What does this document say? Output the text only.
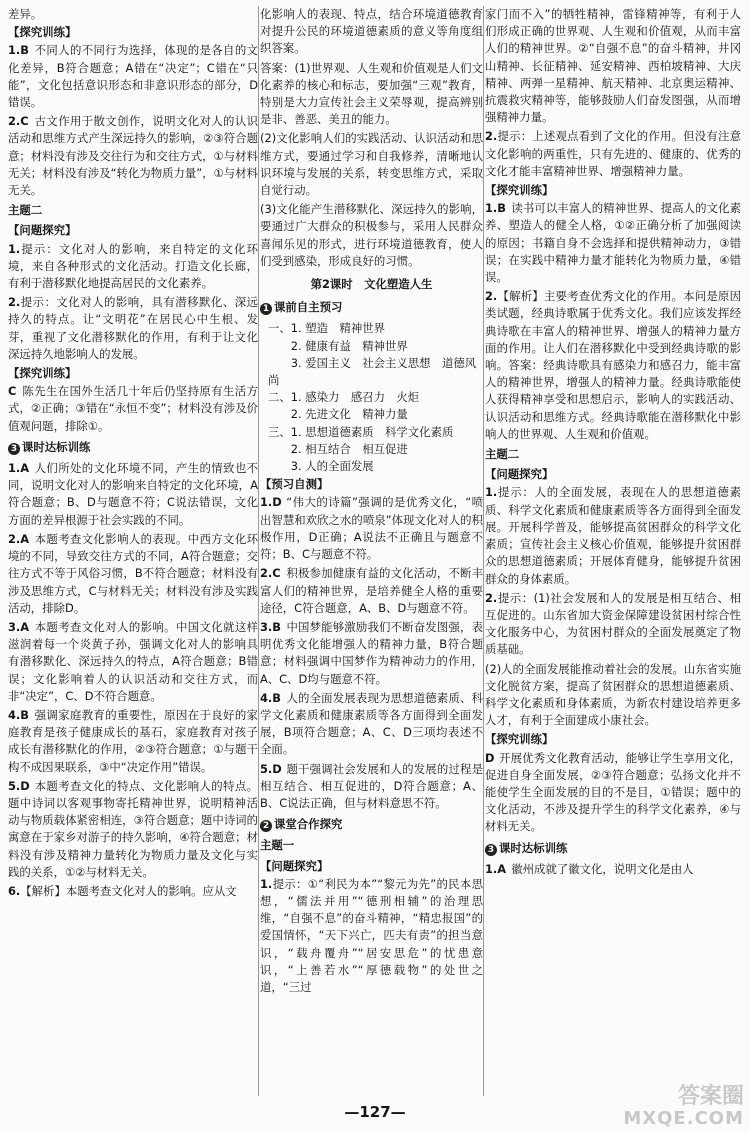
差异。
【探究训练】
1.B 不同人的不同行为选择，体现的是各自的文化差异，B符合题意；A错在“决定”；C错在“只能”，文化包括意识形态和非意识形态的部分，D错误。
2.C 古文作用于散文创作，说明文化对人的认识活动和思维方式产生深远持久的影响，②③符合题意；材料没有涉及交往行为和交往方式，①与材料无关；材料没有涉及“转化为物质力量”，①与材料无关。
主题二
【问题探究】
1.提示：文化对人的影响，来自特定的文化环境，来自各种形式的文化活动。打造文化长廊，有利于潜移默化地提高居民的文化素养。
2.提示：文化对人的影响，具有潜移默化、深远持久的特点。让“文明花”在居民心中生根、发芽，重视了文化潜移默化的作用，有利于让文化深远持久地影响人的发展。
【探究训练】
C 陈先生在国外生活几十年后仍坚持原有生活方式，②正确；③错在“永恒不变”；材料没有涉及价值观问题，排除①。
3 课时达标训练
1.A 人们所处的文化环境不同，产生的情致也不同，说明文化对人的影响来自特定的文化环境，A符合题意；B、D与题意不符；C说法错误，文化方面的差异根源于社会实践的不同。
2.A 本题考查文化影响人的表现。中西方文化环境的不同，导致交往方式的不同，A符合题意；交往方式不等于风俗习惯，B不符合题意；材料没有涉及思维方式，C与材料无关；材料没有涉及实践活动，排除D。
3.A 本题考查文化对人的影响。中国文化就这样滋润着每一个炎黄子孙，强调文化对人的影响具有潜移默化、深远持久的特点，A符合题意；B错误；文化影响着人的认识活动和交往方式，而非“决定”，C、D不符合题意。
4.B 强调家庭教育的重要性，原因在于良好的家庭教育是孩子健康成长的基石，家庭教育对孩子成长有潜移默化的作用，②③符合题意；①与题干构不成因果联系，③中“决定作用”错误。
5.D 本题考查文化的特点、文化影响人的特点。题中诗词以客观事物寄托精神世界，说明精神活动与物质载体紧密相连，③符合题意；题中诗词的寓意在于家乡对游子的持久影响，④符合题意；材料没有涉及精神力量转化为物质力量及文化与实践的关系，①②与材料无关。
6.【解析】本题考查文化对人的影响。应从文
化影响人的表现、特点，结合环境道德教育对提升公民的环境道德素质的意义等角度组织答案。
答案：(1)世界观、人生观和价值观是人们文化素养的核心和标志，要加强“三观”教育，特别是大力宣传社会主义荣辱观，提高辨别是非、善恶、美丑的能力。
(2)文化影响人们的实践活动、认识活动和思维方式，要通过学习和自我修养，清晰地认识环境与发展的关系，转变思维方式，采取自觉行动。
(3)文化能产生潜移默化、深远持久的影响，要通过广大群众的积极参与，采用人民群众喜闻乐见的形式，进行环境道德教育，使人们受到感染，形成良好的习惯。
第2课时　文化塑造人生
1 课前自主预习
一、1. 塑造　精神世界
　　2. 健康有益　精神世界
　　3. 爱国主义　社会主义思想　道德风尚
二、1. 感染力　感召力　火炬
　　2. 先进文化　精神力量
三、1. 思想道德素质　科学文化素质
　　2. 相互结合　相互促进
　　3. 人的全面发展
【预习自测】
1.D “伟大的诗篇”强调的是优秀文化，“喷出智慧和欢欣之水的喷泉”体现文化对人的积极作用，D正确；A说法不正确且与题意不符；B、C与题意不符。
2.C 积极参加健康有益的文化活动，不断丰富人们的精神世界，是培养健全人格的重要途径，C符合题意，A、B、D与题意不符。
3.B 中国梦能够激励我们不断奋发图强，表明优秀文化能增强人的精神力量，B符合题意；材料强调中国梦作为精神动力的作用，A、C、D均与题意不符。
4.B 人的全面发展表现为思想道德素质、科学文化素质和健康素质等各方面得到全面发展，B项符合题意；A、C、D三项均表述不全面。
5.D 题干强调社会发展和人的发展的过程是相互结合、相互促进的，D符合题意；A、B、C说法正确，但与材料意思不符。
2 课堂合作探究
主题一
【问题探究】
1.提示：①“利民为本”“黎元为先”的民本思想，“儒法并用”“德刑相辅”的治理思维，“自强不息”的奋斗精神，“精忠报国”的爱国情怀，“天下兴亡，匹夫有责”的担当意识，“载舟覆舟”“居安思危”的忧患意识，“上善若水”“厚德载物”的处世之道，“三过
家门而不入”的牺牲精神，雷锋精神等，有利于人们形成正确的世界观、人生观和价值观，从而丰富人们的精神世界。②“自强不息”的奋斗精神，井冈山精神、长征精神、延安精神、西柏坡精神、大庆精神、两弹一星精神、航天精神、北京奥运精神、抗震救灾精神等，能够鼓励人们奋发图强，从而增强精神力量。
2.提示：上述观点看到了文化的作用。但没有注意文化影响的两重性，只有先进的、健康的、优秀的文化才能丰富精神世界、增强精神力量。
【探究训练】
1.B 读书可以丰富人的精神世界、提高人的文化素养、塑造人的健全人格，①②正确分析了加强阅读的原因；书籍自身不会选择和提供精神动力，③错误；在实践中精神力量才能转化为物质力量，④错误。
2.【解析】主要考查优秀文化的作用。本问是原因类试题，经典诗歌属于优秀文化。我们应该发挥经典诗歌在丰富人的精神世界、增强人的精神力量方面的作用。让人们在潜移默化中受到经典诗歌的影响。答案：经典诗歌具有感染力和感召力，能丰富人的精神世界，增强人的精神力量。经典诗歌能使人获得精神享受和思想启示，影响人的实践活动、认识活动和思维方式。经典诗歌能在潜移默化中影响人的世界观、人生观和价值观。
主题二
【问题探究】
1.提示：人的全面发展，表现在人的思想道德素质、科学文化素质和健康素质等各方面得到全面发展。开展科学普及，能够提高贫困群众的科学文化素质；宣传社会主义核心价值观，能够提升贫困群众的思想道德素质；开展体育健身，能够提升贫困群众的身体素质。
2.提示：(1)社会发展和人的发展是相互结合、相互促进的。山东省加大资金保障建设贫困村综合性文化服务中心，为贫困村群众的全面发展奠定了物质基础。
(2)人的全面发展能推动着社会的发展。山东省实施文化脱贫方案，提高了贫困群众的思想道德素质、科学文化素质和身体素质，为新农村建设培养更多人才，有利于全面建成小康社会。
【探究训练】
D 开展优秀文化教育活动，能够让学生享用文化，促进自身全面发展，②③符合题意；弘扬文化并不能使学生全面发展的目的不是目，①错误；题中的文化活动，不涉及提升学生的科学文化素养，④与材料无关。
3 课时达标训练
1.A 徽州成就了徽文化，说明文化是由人
—127—
答案圈
MXQE.COM
